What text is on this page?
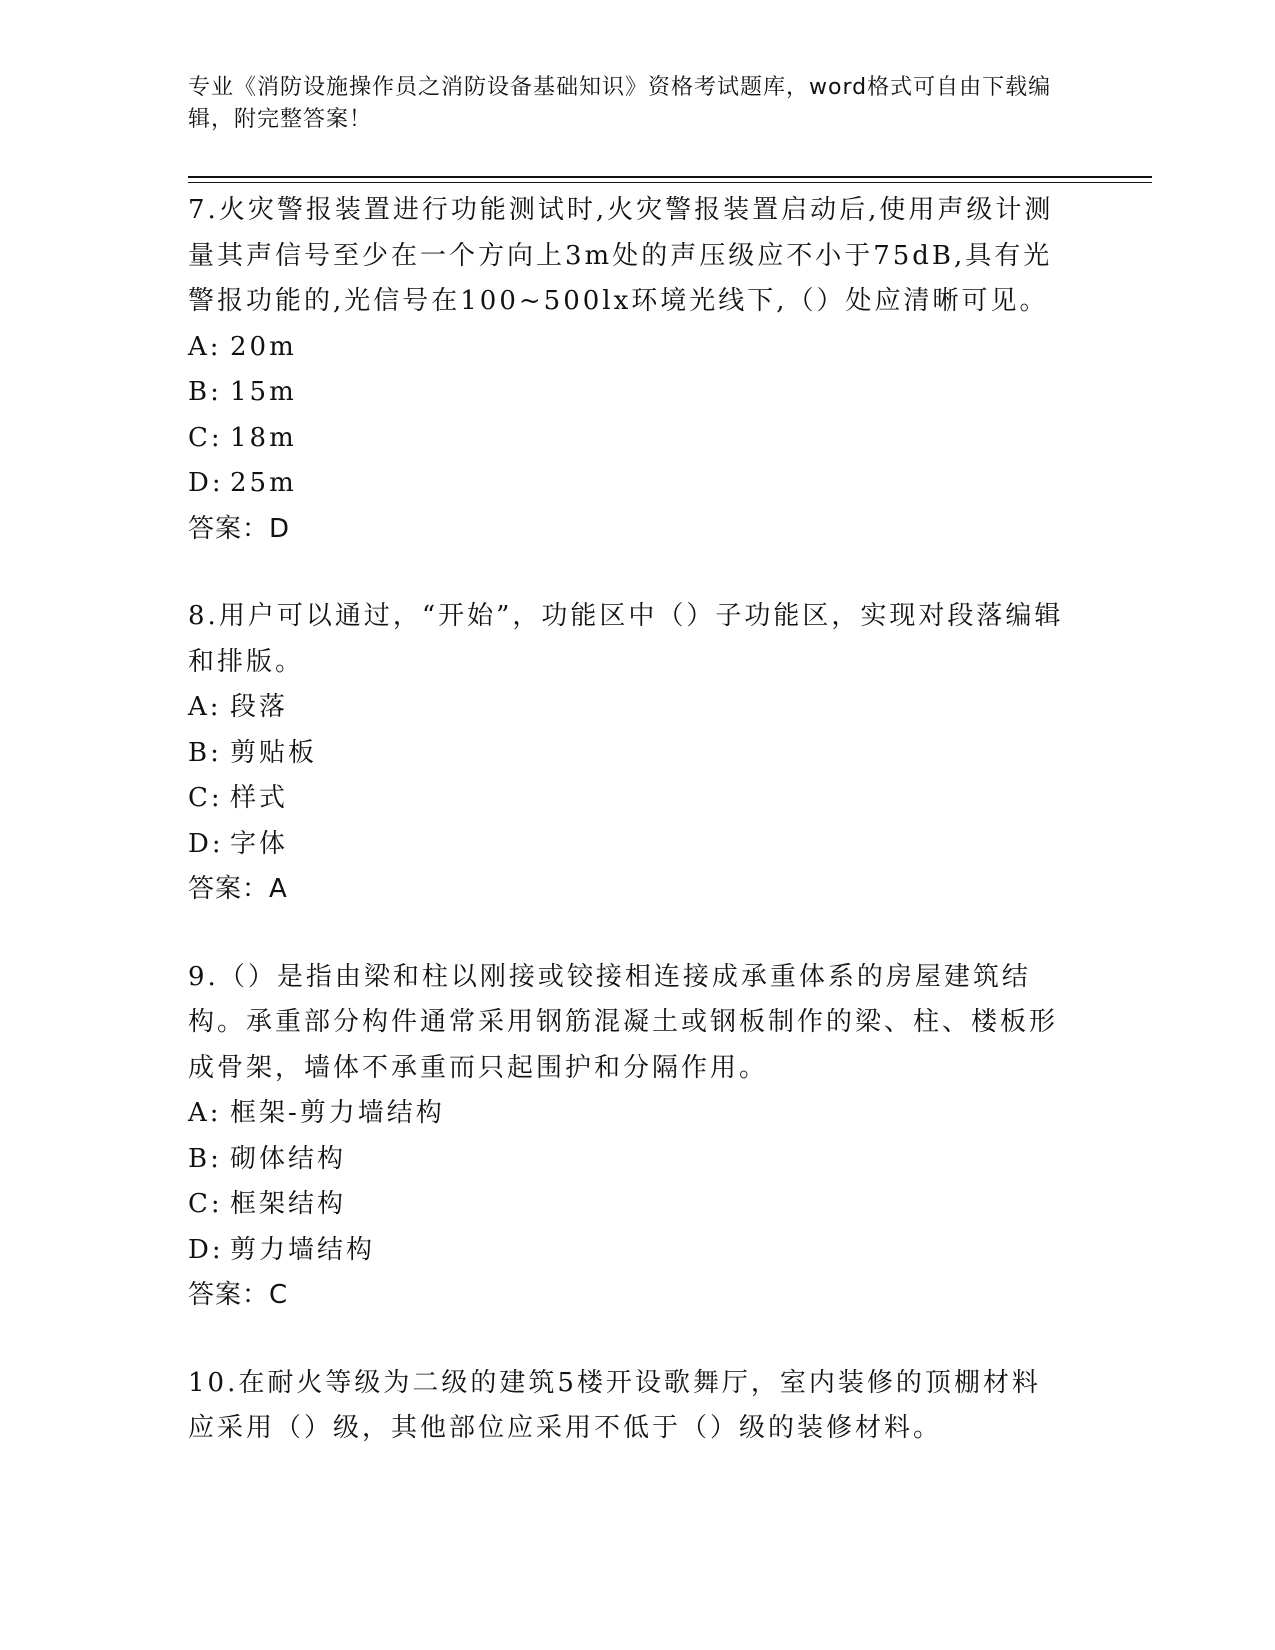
专业《消防设施操作员之消防设备基础知识》资格考试题库，word格式可自由下载编辑，附完整答案！
7.火灾警报装置进行功能测试时,火灾警报装置启动后,使用声级计测量其声信号至少在一个方向上3m处的声压级应不小于75dB,具有光警报功能的,光信号在100~500lx环境光线下,（）处应清晰可见。
A: 20m
B: 15m
C: 18m
D: 25m
答案：D
8.用户可以通过，“开始”，功能区中（）子功能区，实现对段落编辑和排版。
A: 段落
B: 剪贴板
C: 样式
D: 字体
答案：A
9.（）是指由梁和柱以刚接或铰接相连接成承重体系的房屋建筑结构。承重部分构件通常采用钢筋混凝土或钢板制作的梁、柱、楼板形成骨架，墙体不承重而只起围护和分隔作用。
A: 框架-剪力墙结构
B: 砌体结构
C: 框架结构
D: 剪力墙结构
答案：C
10.在耐火等级为二级的建筑5楼开设歌舞厅，室内装修的顶棚材料应采用（）级，其他部位应采用不低于（）级的装修材料。
